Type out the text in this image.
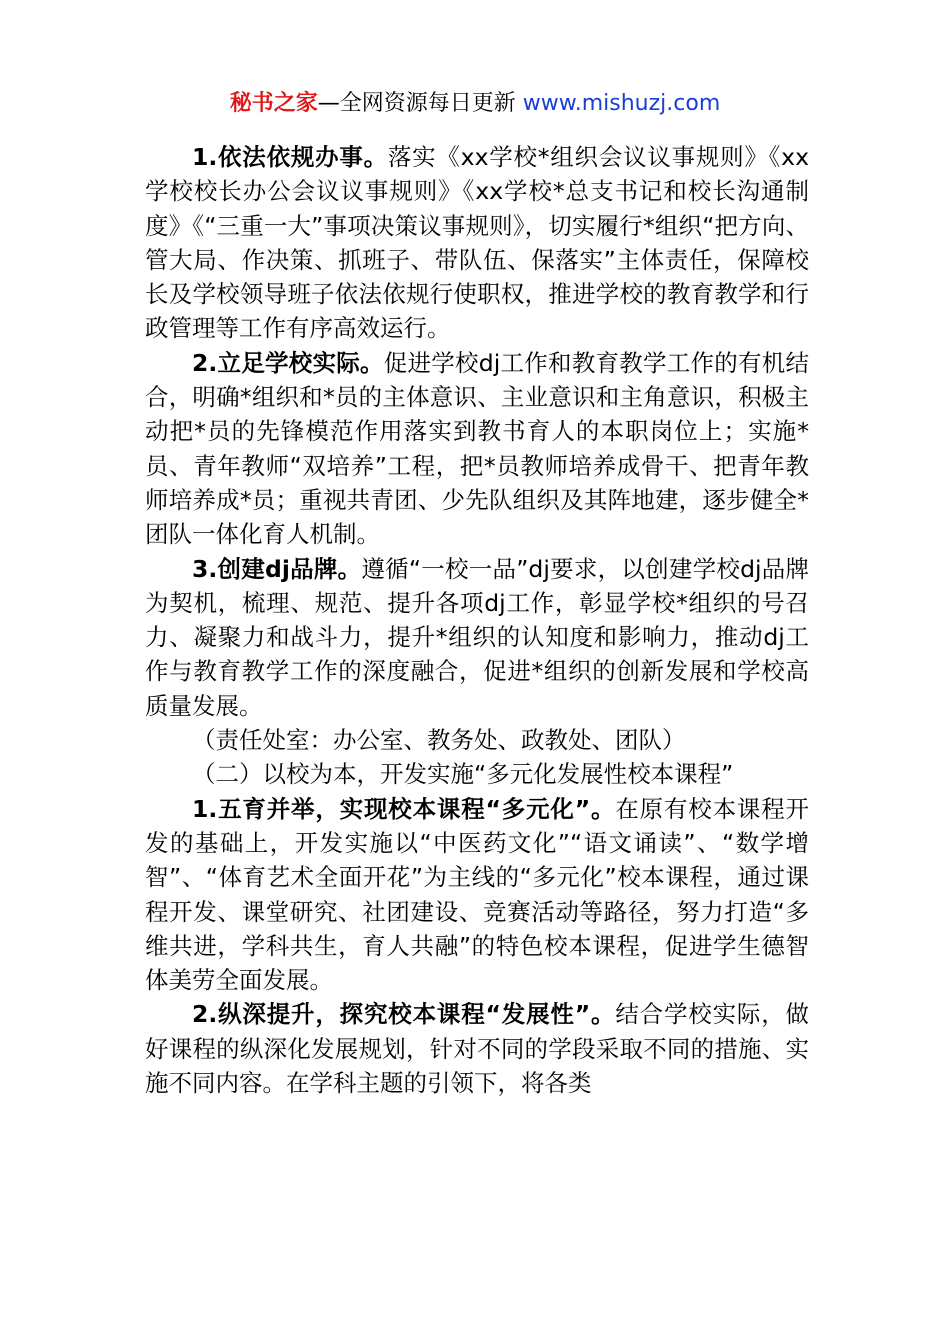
秘书之家—全网资源每日更新 www.mishuzj.com

1.依法依规办事。落实《xx学校*组织会议议事规则》《xx学校校长办公会议议事规则》《xx学校*总支书记和校长沟通制度》《“三重一大”事项决策议事规则》，切实履行*组织“把方向、管大局、作决策、抓班子、带队伍、保落实”主体责任，保障校长及学校领导班子依法依规行使职权，推进学校的教育教学和行政管理等工作有序高效运行。

2.立足学校实际。促进学校dj工作和教育教学工作的有机结合，明确*组织和*员的主体意识、主业意识和主角意识，积极主动把*员的先锋模范作用落实到教书育人的本职岗位上；实施*员、青年教师“双培养”工程，把*员教师培养成骨干、把青年教师培养成*员；重视共青团、少先队组织及其阵地建，逐步健全*团队一体化育人机制。

3.创建dj品牌。遵循“一校一品”dj要求，以创建学校dj品牌为契机，梳理、规范、提升各项dj工作，彰显学校*组织的号召力、凝聚力和战斗力，提升*组织的认知度和影响力，推动dj工作与教育教学工作的深度融合，促进*组织的创新发展和学校高质量发展。

（责任处室：办公室、教务处、政教处、团队）

（二）以校为本，开发实施“多元化发展性校本课程”

1.五育并举，实现校本课程“多元化”。在原有校本课程开发的基础上，开发实施以“中医药文化”“语文诵读”、“数学增智”、“体育艺术全面开花”为主线的“多元化”校本课程，通过课程开发、课堂研究、社团建设、竞赛活动等路径，努力打造“多维共进，学科共生，育人共融”的特色校本课程，促进学生德智体美劳全面发展。

2.纵深提升，探究校本课程“发展性”。结合学校实际，做好课程的纵深化发展规划，针对不同的学段采取不同的措施、实施不同内容。在学科主题的引领下，将各类
